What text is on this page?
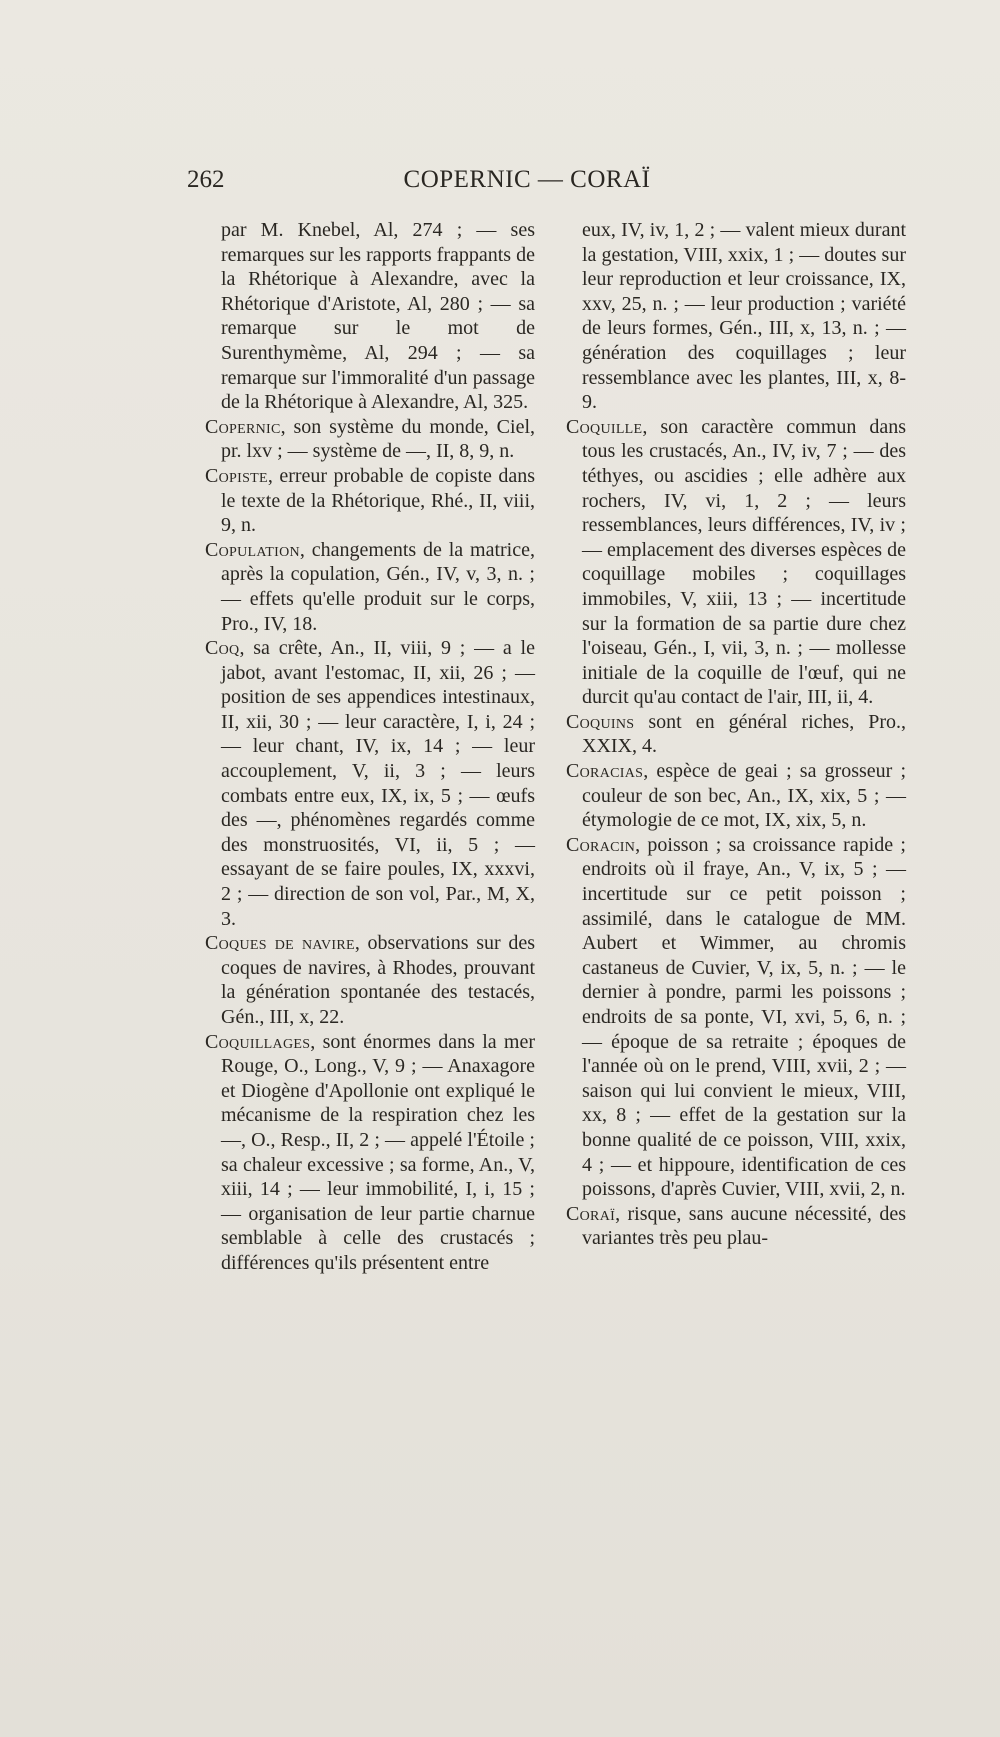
262	COPERNIC — CORAÏ

par M. Knebel, Al, 274 ; — ses remarques sur les rapports frappants de la Rhétorique à Alexandre, avec la Rhétorique d'Aristote, Al, 280 ; — sa remarque sur le mot de Surenthymème, Al, 294 ; — sa remarque sur l'immoralité d'un passage de la Rhétorique à Alexandre, Al, 325.

Copernic, son système du monde, Ciel, pr. lxv ; — système de —, II, 8, 9, n.

Copiste, erreur probable de copiste dans le texte de la Rhétorique, Rhé., II, viii, 9, n.

Copulation, changements de la matrice, après la copulation, Gén., IV, v, 3, n. ; — effets qu'elle produit sur le corps, Pro., IV, 18.

Coq, sa crête, An., II, viii, 9 ; — a le jabot, avant l'estomac, II, xii, 26 ; — position de ses appendices intestinaux, II, xii, 30 ; — leur caractère, I, i, 24 ; — leur chant, IV, ix, 14 ; — leur accouplement, V, ii, 3 ; — leurs combats entre eux, IX, ix, 5 ; — œufs des —, phénomènes regardés comme des monstruosités, VI, ii, 5 ; — essayant de se faire poules, IX, xxxvi, 2 ; — direction de son vol, Par., M, X, 3.

Coques de navire, observations sur des coques de navires, à Rhodes, prouvant la génération spontanée des testacés, Gén., III, x, 22.

Coquillages, sont énormes dans la mer Rouge, O., Long., V, 9 ; — Anaxagore et Diogène d'Apollonie ont expliqué le mécanisme de la respiration chez les —, O., Resp., II, 2 ; — appelé l'Étoile ; sa chaleur excessive ; sa forme, An., V, xiii, 14 ; — leur immobilité, I, i, 15 ; — organisation de leur partie charnue semblable à celle des crustacés ; différences qu'ils présentent entre

eux, IV, iv, 1, 2 ; — valent mieux durant la gestation, VIII, xxix, 1 ; — doutes sur leur reproduction et leur croissance, IX, xxv, 25, n. ; — leur production ; variété de leurs formes, Gén., III, x, 13, n. ; — génération des coquillages ; leur ressemblance avec les plantes, III, x, 8-9.

Coquille, son caractère commun dans tous les crustacés, An., IV, iv, 7 ; — des téthyes, ou ascidies ; elle adhère aux rochers, IV, vi, 1, 2 ; — leurs ressemblances, leurs différences, IV, iv ; — emplacement des diverses espèces de coquillage mobiles ; coquillages immobiles, V, xiii, 13 ; — incertitude sur la formation de sa partie dure chez l'oiseau, Gén., I, vii, 3, n. ; — mollesse initiale de la coquille de l'œuf, qui ne durcit qu'au contact de l'air, III, ii, 4.

Coquins sont en général riches, Pro., XXIX, 4.

Coracias, espèce de geai ; sa grosseur ; couleur de son bec, An., IX, xix, 5 ; — étymologie de ce mot, IX, xix, 5, n.

Coracin, poisson ; sa croissance rapide ; endroits où il fraye, An., V, ix, 5 ; — incertitude sur ce petit poisson ; assimilé, dans le catalogue de MM. Aubert et Wimmer, au chromis castaneus de Cuvier, V, ix, 5, n. ; — le dernier à pondre, parmi les poissons ; endroits de sa ponte, VI, xvi, 5, 6, n. ; — époque de sa retraite ; époques de l'année où on le prend, VIII, xvii, 2 ; — saison qui lui convient le mieux, VIII, xx, 8 ; — effet de la gestation sur la bonne qualité de ce poisson, VIII, xxix, 4 ; — et hippoure, identification de ces poissons, d'après Cuvier, VIII, xvii, 2, n.

Coraï, risque, sans aucune nécessité, des variantes très peu plau-
